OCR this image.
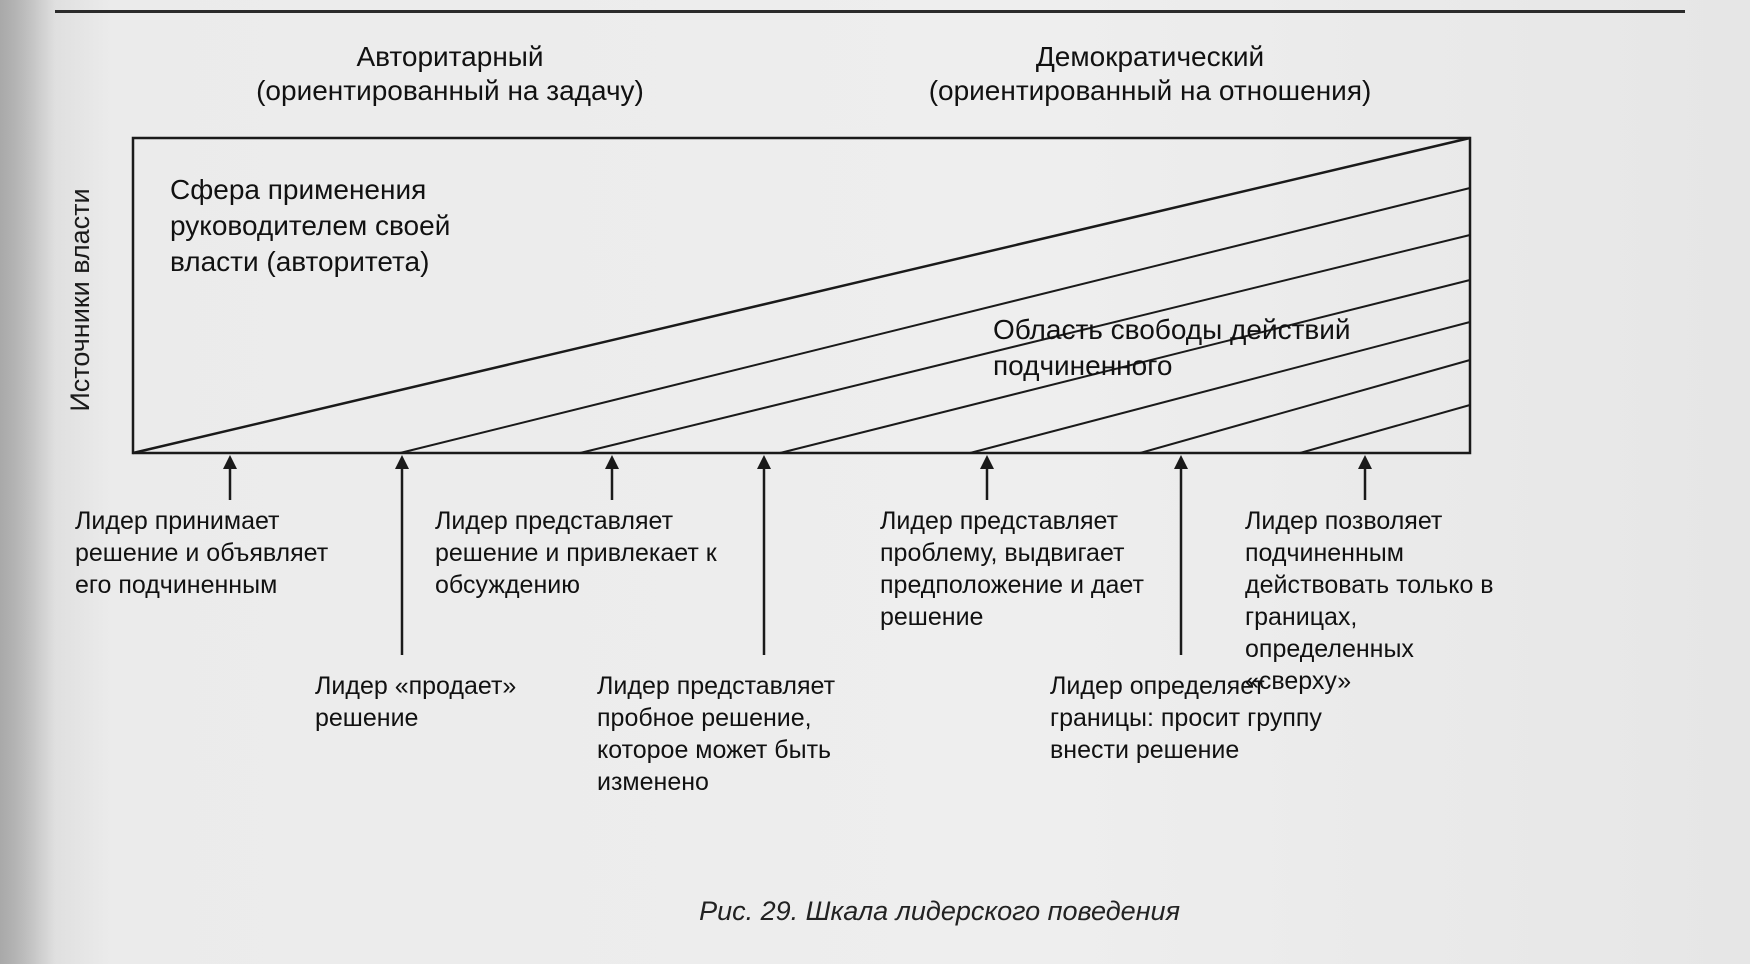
Авторитарный
(ориентированный на задачу)
Демократический
(ориентированный на отношения)
Источники власти	Сфера применения руководителем своей власти (авторитета)
Область свободы действий подчиненного
Лидер принимает решение и объявляет его подчиненным
Лидер представляет решение и привлекает к обсуждению
Лидер представляет проблему, выдвигает предположение и дает решение
Лидер позволяет подчиненным действовать только в границах, определенных «сверху»
Лидер «продает» решение
Лидер представляет пробное решение, которое может быть изменено
Лидер определяет границы: просит группу внести решение
Рис. 29. Шкала лидерского поведения
